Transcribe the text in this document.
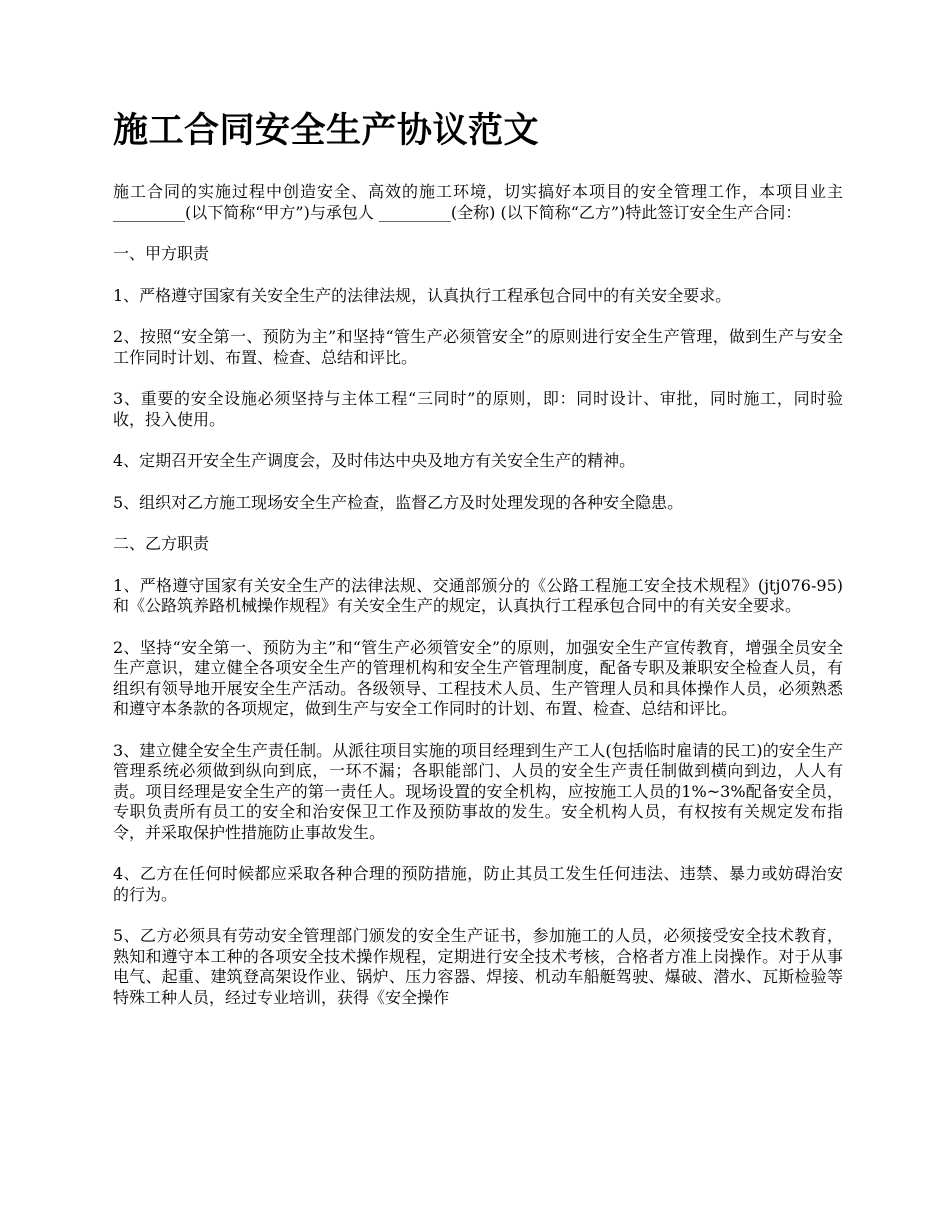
施工合同安全生产协议范文

施工合同的实施过程中创造安全、高效的施工环境，切实搞好本项目的安全管理工作，本项目业主_________(以下简称“甲方”)与承包人 _________(全称) (以下简称“乙方”)特此签订安全生产合同：

一、甲方职责

1、严格遵守国家有关安全生产的法律法规，认真执行工程承包合同中的有关安全要求。

2、按照“安全第一、预防为主”和坚持“管生产必须管安全”的原则进行安全生产管理，做到生产与安全工作同时计划、布置、检查、总结和评比。

3、重要的安全设施必须坚持与主体工程“三同时”的原则，即：同时设计、审批，同时施工，同时验收，投入使用。

4、定期召开安全生产调度会，及时伟达中央及地方有关安全生产的精神。

5、组织对乙方施工现场安全生产检查，监督乙方及时处理发现的各种安全隐患。

二、乙方职责

1、严格遵守国家有关安全生产的法律法规、交通部颁分的《公路工程施工安全技术规程》(jtj076-95)和《公路筑养路机械操作规程》有关安全生产的规定，认真执行工程承包合同中的有关安全要求。

2、坚持“安全第一、预防为主”和“管生产必须管安全”的原则，加强安全生产宣传教育，增强全员安全生产意识，建立健全各项安全生产的管理机构和安全生产管理制度，配备专职及兼职安全检查人员，有组织有领导地开展安全生产活动。各级领导、工程技术人员、生产管理人员和具体操作人员，必须熟悉和遵守本条款的各项规定，做到生产与安全工作同时的计划、布置、检查、总结和评比。

3、建立健全安全生产责任制。从派往项目实施的项目经理到生产工人(包括临时雇请的民工)的安全生产管理系统必须做到纵向到底，一环不漏；各职能部门、人员的安全生产责任制做到横向到边，人人有责。项目经理是安全生产的第一责任人。现场设置的安全机构，应按施工人员的1%~3%配备安全员，专职负责所有员工的安全和治安保卫工作及预防事故的发生。安全机构人员，有权按有关规定发布指令，并采取保护性措施防止事故发生。

4、乙方在任何时候都应采取各种合理的预防措施，防止其员工发生任何违法、违禁、暴力或妨碍治安的行为。

5、乙方必须具有劳动安全管理部门颁发的安全生产证书，参加施工的人员，必须接受安全技术教育，熟知和遵守本工种的各项安全技术操作规程，定期进行安全技术考核，合格者方准上岗操作。对于从事电气、起重、建筑登高架设作业、锅炉、压力容器、焊接、机动车船艇驾驶、爆破、潜水、瓦斯检验等特殊工种人员，经过专业培训，获得《安全操作
